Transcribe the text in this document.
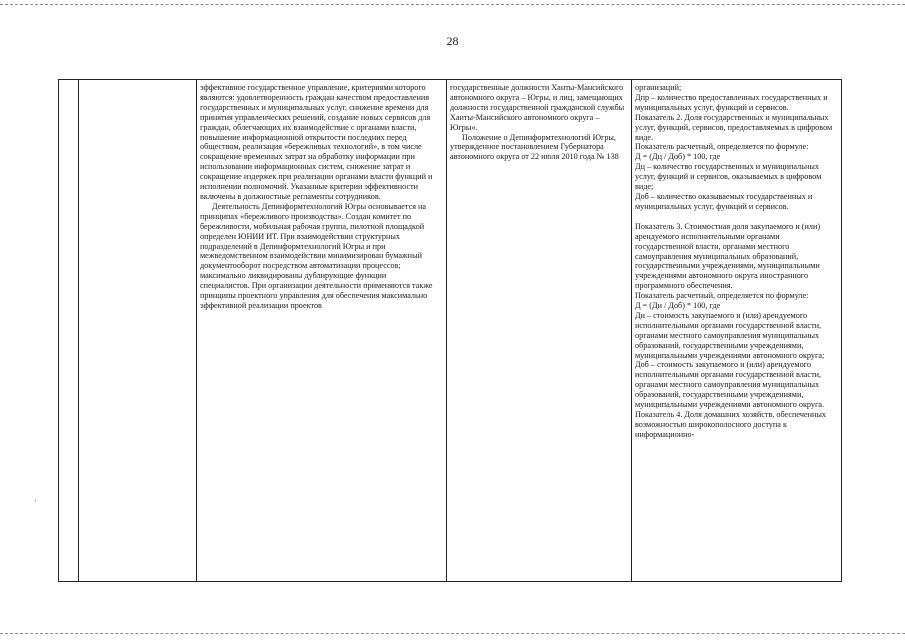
28

эффективное государственное управление, критериями которого являются: удовлетворенность граждан качеством предоставления государственных и муниципальных услуг, снижение времени для принятия управленческих решений, создание новых сервисов для граждан, облегчающих их взаимодействие с органами власти, повышение информационной открытости последних перед обществом, реализация «бережливых технологий», в том числе сокращение временных затрат на обработку информации при использовании информационных систем, снижение затрат и сокращение издержек при реализации органами власти функций и исполнении полномочий. Указанные критерии эффективности включены в должностные регламенты сотрудников.

Деятельность Депинформтехнологий Югры основывается на принципах «бережливого производства». Создан комитет по бережливости, мобильная рабочая группа, пилотной площадкой определен ЮНИИ ИТ. При взаимодействии структурных подразделений в Депинформтехнологий Югры и при межведомственном взаимодействии минимизирован бумажный документооборот посредством автоматизации процессов; максимально ликвидированы дублирующие функции специалистов. При организации деятельности применяются также принципы проектного управления для обеспечения максимально эффективной реализации проектов

государственные должности Ханты-Мансийского автономного округа – Югры, и лиц, замещающих должности государственной гражданской службы Ханты-Мансийского автономного округа – Югры».

Положение о Депинформтехнологий Югры, утвержденное постановлением Губернатора автономного округа от 22 июля 2010 года № 138

организаций;

Дпр – количество предоставленных государственных и муниципальных услуг, функций и сервисов.

Показатель 2. Доля государственных и муниципальных услуг, функций, сервисов, предоставляемых в цифровом виде.

Показатель расчетный, определяется по формуле:

Д = (Дц / Доб) * 100, где

Дц – количество государственных и муниципальных услуг, функций и сервисов, оказываемых в цифровом виде;

Доб – количество оказываемых государственных и муниципальных услуг, функций и сервисов.

Показатель 3. Стоимостная доля закупаемого и (или) арендуемого исполнительными органами государственной власти, органами местного самоуправления муниципальных образований, государственными учреждениями, муниципальными учреждениями автономного округа иностранного программного обеспечения.

Показатель расчетный, определяется по формуле:

Д = (Ди / Доб) * 100, где

Ди – стоимость закупаемого и (или) арендуемого исполнительными органами государственной власти, органами местного самоуправления муниципальных образований, государственными учреждениями, муниципальными учреждениями автономного округа;

Доб – стоимость закупаемого и (или) арендуемого исполнительными органами государственной власти, органами местного самоуправления муниципальных образований, государственными учреждениями, муниципальными учреждениями автономного округа.

Показатель 4. Доля домашних хозяйств, обеспеченных возможностью широкополосного доступа к информационно-

·
